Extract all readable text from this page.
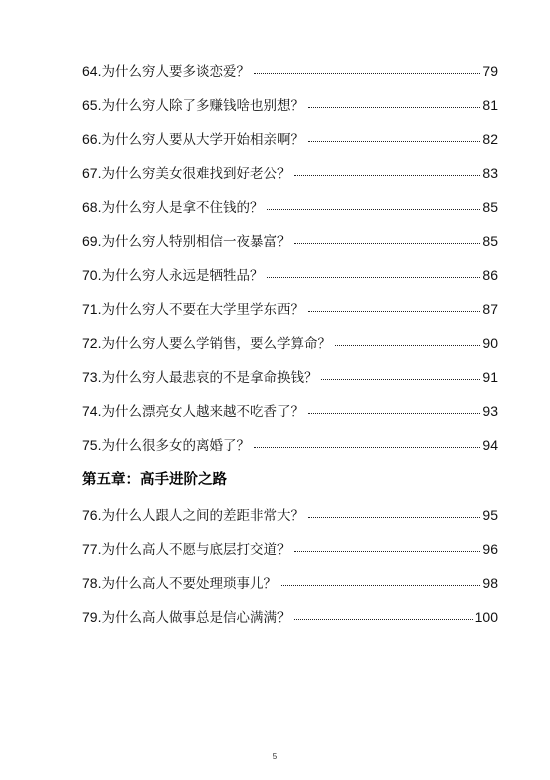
64.为什么穷人要多谈恋爱？	79
65.为什么穷人除了多赚钱啥也别想？	81
66.为什么穷人要从大学开始相亲啊？	82
67.为什么穷美女很难找到好老公？	83
68.为什么穷人是拿不住钱的？	85
69.为什么穷人特别相信一夜暴富？	85
70.为什么穷人永远是牺牲品？	86
71.为什么穷人不要在大学里学东西？	87
72.为什么穷人要么学销售，要么学算命？	90
73.为什么穷人最悲哀的不是拿命换钱？	91
74.为什么漂亮女人越来越不吃香了？	93
75.为什么很多女的离婚了？	94
第五章：高手进阶之路
76.为什么人跟人之间的差距非常大？	95
77.为什么高人不愿与底层打交道？	96
78.为什么高人不要处理琐事儿？	98
79.为什么高人做事总是信心满满？	100
5
